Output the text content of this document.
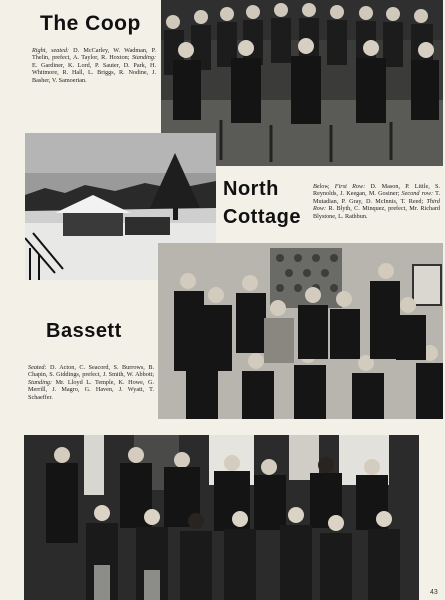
The Coop
Right, seated: D. McCarley, W. Wadman, P. Thelin, prefect, A. Taylor, R. Hoxton; Standing: E. Gardiner, K. Lord, P. Sauter, D. Park, H. Whitmore, R. Hall, L. Briggs, R. Nodine, J. Basher, V. Samoerian.
North
Cottage
Below, First Row: D. Mason, P. Little, S. Reynolds, J. Keegan, M. Gosiner; Second row: T. Mutadian, P. Gray, D. McInnis, T. Reed; Third Row: R. Blyth, C. Minquez, prefect, Mr. Richard Blystone, L. Rathbun.
Bassett
Seated: D. Acton, C. Seacord, S. Burrows, B. Chapin, S. Giddings, prefect, J. Smith, W. Abbott; Standing: Mr. Lloyd L. Temple, K. Howe, G. Merrill, J. Magro, G. Haven, J. Wyatt, T. Schaeffer.
43
